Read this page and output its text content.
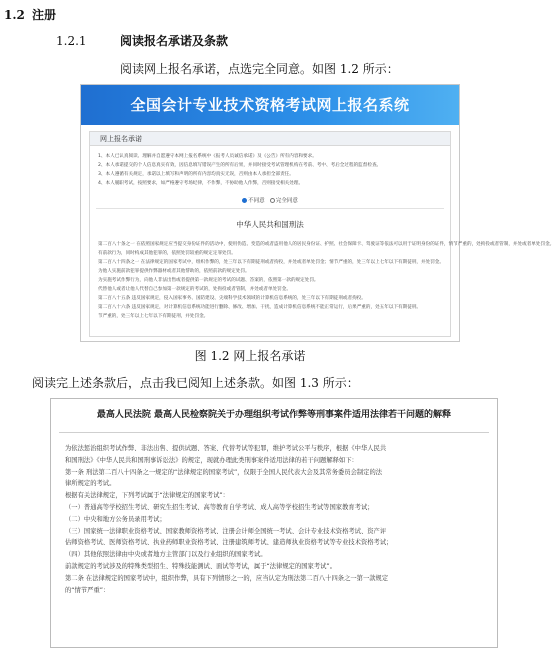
1.2 注册
1.2.1	阅读报名承诺及条款
阅读网上报名承诺，点选完全同意。如图 1.2 所示：
全国会计专业技术资格考试网上报名系统
网上报名承诺
1、本人已认真阅读、理解并自愿遵守本网上报名系统中《报考人员诚信承诺》及《公告》所有内容和要求。
2、本人承诺提交的个人信息真实有效，因信息填写错误产生的所有后果，并同时接受考试管理机构在考前、考中、考后全过程的监督检查。
3、本人遵循有关规定，承诺以上填写和声明的所有内容均真实无误，否则由本人承担全部责任。
4、本人履职考试，按照要求，如严格遵守考场纪律，不作弊，不协助他人作弊，否则接受相关处理。
不同意 完全同意
中华人民共和国刑法
第二百八十条之一 在依照国家规定应当提交身份证件的活动中，使用伪造、变造的或者盗用他人的居民身份证、护照、社会保障卡、驾驶证等依法可以用于证明身份的证件，情节严重的，处拘役或者管制，并处或者单处罚金。
有前款行为，同时构成其他犯罪的，依照处罚较重的规定定罪处罚。
第二百八十四条之一 在法律规定的国家考试中，组织作弊的，处三年以下有期徒刑或者拘役，并处或者单处罚金；情节严重的，处三年以上七年以下有期徒刑，并处罚金。
为他人实施前款犯罪提供作弊器材或者其他帮助的，依照前款的规定处罚。
为实施考试作弊行为，向他人非法出售或者提供第一款规定的考试的试题、答案的，依照第一款的规定处罚。
代替他人或者让他人代替自己参加第一款规定的考试的，处拘役或者管制，并处或者单处罚金。
第二百八十五条 违反国家规定，侵入国家事务、国防建设、尖端科学技术领域的计算机信息系统的，处三年以下有期徒刑或者拘役。
第二百八十六条 违反国家规定，对计算机信息系统功能进行删除、修改、增加、干扰，造成计算机信息系统不能正常运行，后果严重的，处五年以下有期徒刑。
节严重的，处三年以上七年以下有期徒刑，并处罚金。
图 1.2 网上报名承诺
阅读完上述条款后，点击我已阅知上述条款。如图 1.3 所示：
最高人民法院 最高人民检察院关于办理组织考试作弊等刑事案件适用法律若干问题的解释
为依法惩治组织考试作弊、非法出售、提供试题、答案、代替考试等犯罪，维护考试公平与秩序，根据《中华人民共
和国刑法》《中华人民共和国刑事诉讼法》的规定，现就办理此类刑事案件适用法律的若干问题解释如下：
第一条 刑法第二百八十四条之一规定的“法律规定的国家考试”，仅限于全国人民代表大会及其常务委员会制定的法
律所规定的考试。
根据有关法律规定，下列考试属于“法律规定的国家考试”：
（一）普通高等学校招生考试、研究生招生考试、高等教育自学考试、成人高等学校招生考试等国家教育考试；
（二）中央和地方公务员录用考试；
（三）国家统一法律职业资格考试、国家教师资格考试、注册会计师全国统一考试、会计专业技术资格考试、资产评
估师资格考试、医师资格考试、执业药师职业资格考试、注册建筑师考试、建造师执业资格考试等专业技术资格考试；
（四）其他依照法律由中央或者地方主管部门以及行业组织的国家考试。
前款规定的考试涉及的特殊类型招生、特殊技能测试、面试等考试，属于“法律规定的国家考试”。
第二条 在法律规定的国家考试中，组织作弊，具有下列情形之一的，应当认定为刑法第二百八十四条之一第一款规定
的“情节严重”：
